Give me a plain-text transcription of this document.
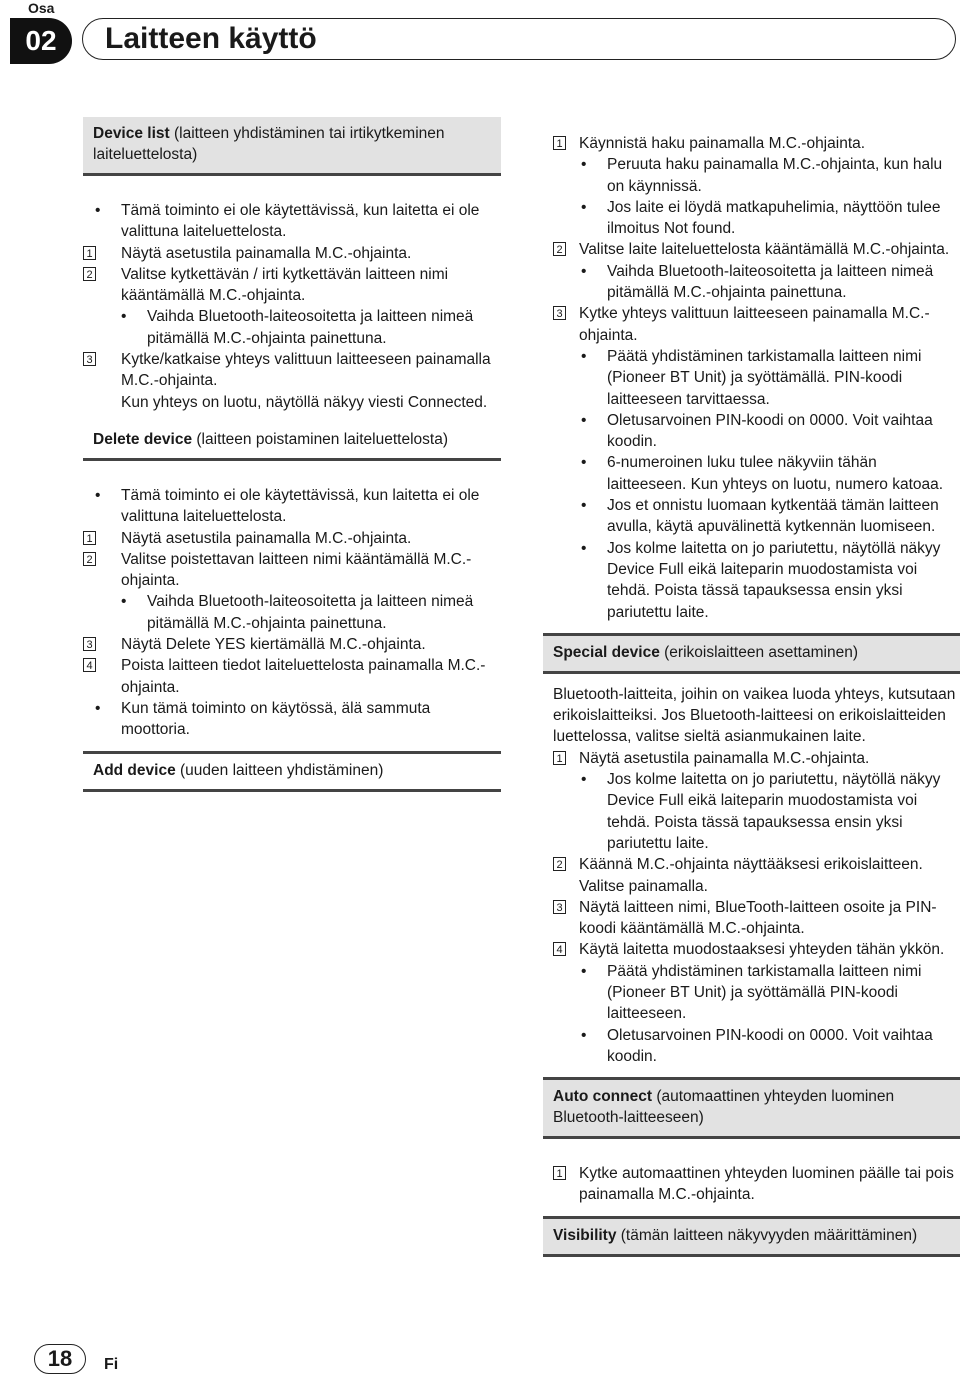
Osa
02	Laitteen käyttö
Device list (laitteen yhdistäminen tai irtikytkeminen laiteluettelosta)
• Tämä toiminto ei ole käytettävissä, kun laitetta ei ole valittuna laiteluettelosta.
1 Näytä asetustila painamalla M.C.-ohjainta.
2 Valitse kytkettävän / irti kytkettävän laitteen nimi kääntämällä M.C.-ohjainta.
• Vaihda Bluetooth-laiteosoitetta ja laitteen nimeä pitämällä M.C.-ohjainta painettuna.
3 Kytke/katkaise yhteys valittuun laitteeseen painamalla M.C.-ohjainta.
Kun yhteys on luotu, näytöllä näkyy viesti Connected.
Delete device (laitteen poistaminen laiteluettelosta)
• Tämä toiminto ei ole käytettävissä, kun laitetta ei ole valittuna laiteluettelosta.
1 Näytä asetustila painamalla M.C.-ohjainta.
2 Valitse poistettavan laitteen nimi kääntämällä M.C.-ohjainta.
• Vaihda Bluetooth-laiteosoitetta ja laitteen nimeä pitämällä M.C.-ohjainta painettuna.
3 Näytä Delete YES kiertämällä M.C.-ohjainta.
4 Poista laitteen tiedot laiteluettelosta painamalla M.C.-ohjainta.
• Kun tämä toiminto on käytössä, älä sammuta moottoria.
Add device (uuden laitteen yhdistäminen)
1 Käynnistä haku painamalla M.C.-ohjainta.
• Peruuta haku painamalla M.C.-ohjainta, kun halu on käynnissä.
• Jos laite ei löydä matkapuhelimia, näyttöön tulee ilmoitus Not found.
2 Valitse laite laiteluettelosta kääntämällä M.C.-ohjainta.
• Vaihda Bluetooth-laiteosoitetta ja laitteen nimeä pitämällä M.C.-ohjainta painettuna.
3 Kytke yhteys valittuun laitteeseen painamalla M.C.-ohjainta.
• Päätä yhdistäminen tarkistamalla laitteen nimi (Pioneer BT Unit) ja syöttämällä. PIN-koodi laitteeseen tarvittaessa.
• Oletusarvoinen PIN-koodi on 0000. Voit vaihtaa koodin.
• 6-numeroinen luku tulee näkyviin tähän laitteeseen. Kun yhteys on luotu, numero katoaa.
• Jos et onnistu luomaan kytkentää tämän laitteen avulla, käytä apuvälinettä kytkennän luomiseen.
• Jos kolme laitetta on jo pariutettu, näytöllä näkyy Device Full eikä laiteparin muodostamista voi tehdä. Poista tässä tapauksessa ensin yksi pariutettu laite.
Special device (erikoislaitteen asettaminen)
Bluetooth-laitteita, joihin on vaikea luoda yhteys, kutsutaan erikoislaitteiksi. Jos Bluetooth-laitteesi on erikoislaitteiden luettelossa, valitse sieltä asianmukainen laite.
1 Näytä asetustila painamalla M.C.-ohjainta.
• Jos kolme laitetta on jo pariutettu, näytöllä näkyy Device Full eikä laiteparin muodostamista voi tehdä. Poista tässä tapauksessa ensin yksi pariutettu laite.
2 Käännä M.C.-ohjainta näyttääksesi erikoislaitteen. Valitse painamalla.
3 Näytä laitteen nimi, BlueTooth-laitteen osoite ja PIN-koodi kääntämällä M.C.-ohjainta.
4 Käytä laitetta muodostaaksesi yhteyden tähän ykkön.
• Päätä yhdistäminen tarkistamalla laitteen nimi (Pioneer BT Unit) ja syöttämällä PIN-koodi laitteeseen.
• Oletusarvoinen PIN-koodi on 0000. Voit vaihtaa koodin.
Auto connect (automaattinen yhteyden luominen Bluetooth-laitteeseen)
1 Kytke automaattinen yhteyden luominen päälle tai pois painamalla M.C.-ohjainta.
Visibility (tämän laitteen näkyvyyden määrittäminen)
18	Fi
